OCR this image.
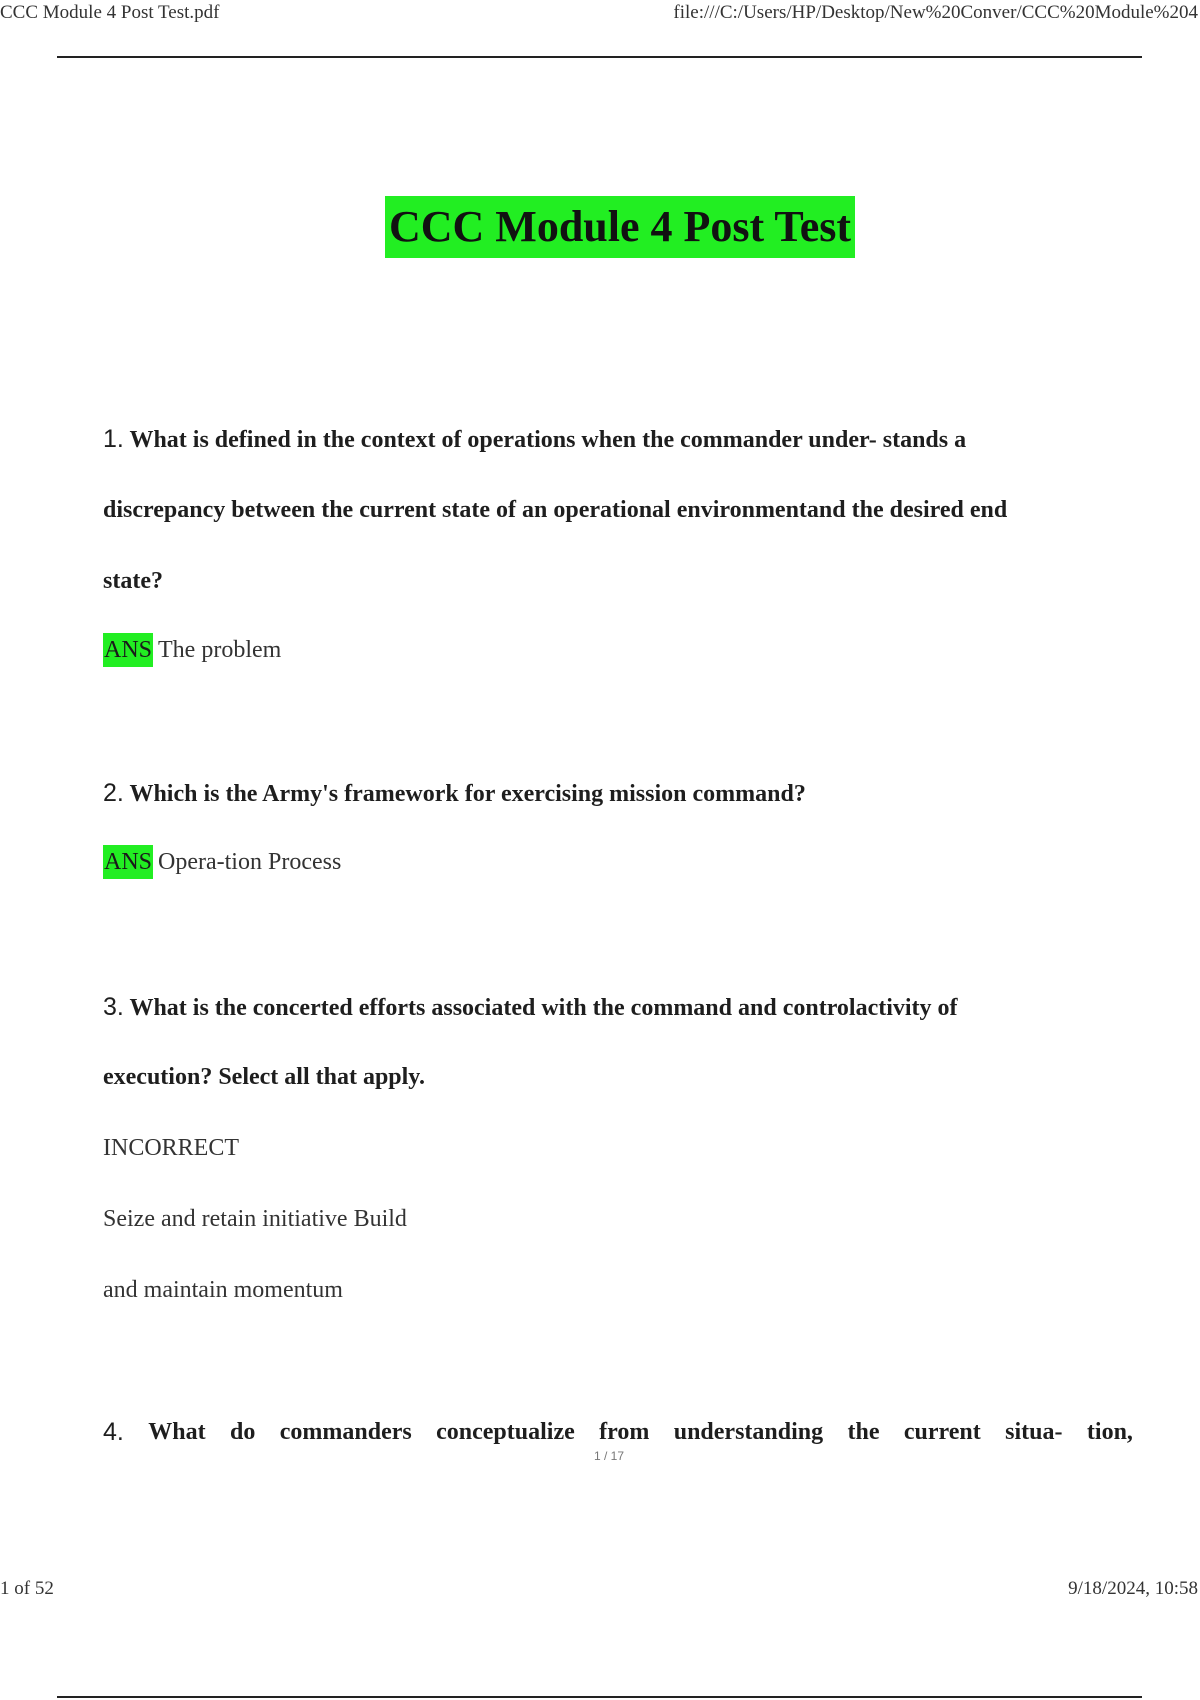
CCC Module 4 Post Test.pdf	file:///C:/Users/HP/Desktop/New%20Conver/CCC%20Module%204
CCC Module 4 Post Test
1. What is defined in the context of operations when the commander under- stands a
discrepancy between the current state of an operational environmentand the desired end
state?
ANS The problem
2. Which is the Army's framework for exercising mission command?
ANS Opera-tion Process
3. What is the concerted efforts associated with the command and controlactivity of
execution? Select all that apply.
INCORRECT
Seize and retain initiative Build
and maintain momentum
4. What do commanders conceptualize from understanding the current situa- tion,
1 / 17
1 of 52	9/18/2024, 10:58
